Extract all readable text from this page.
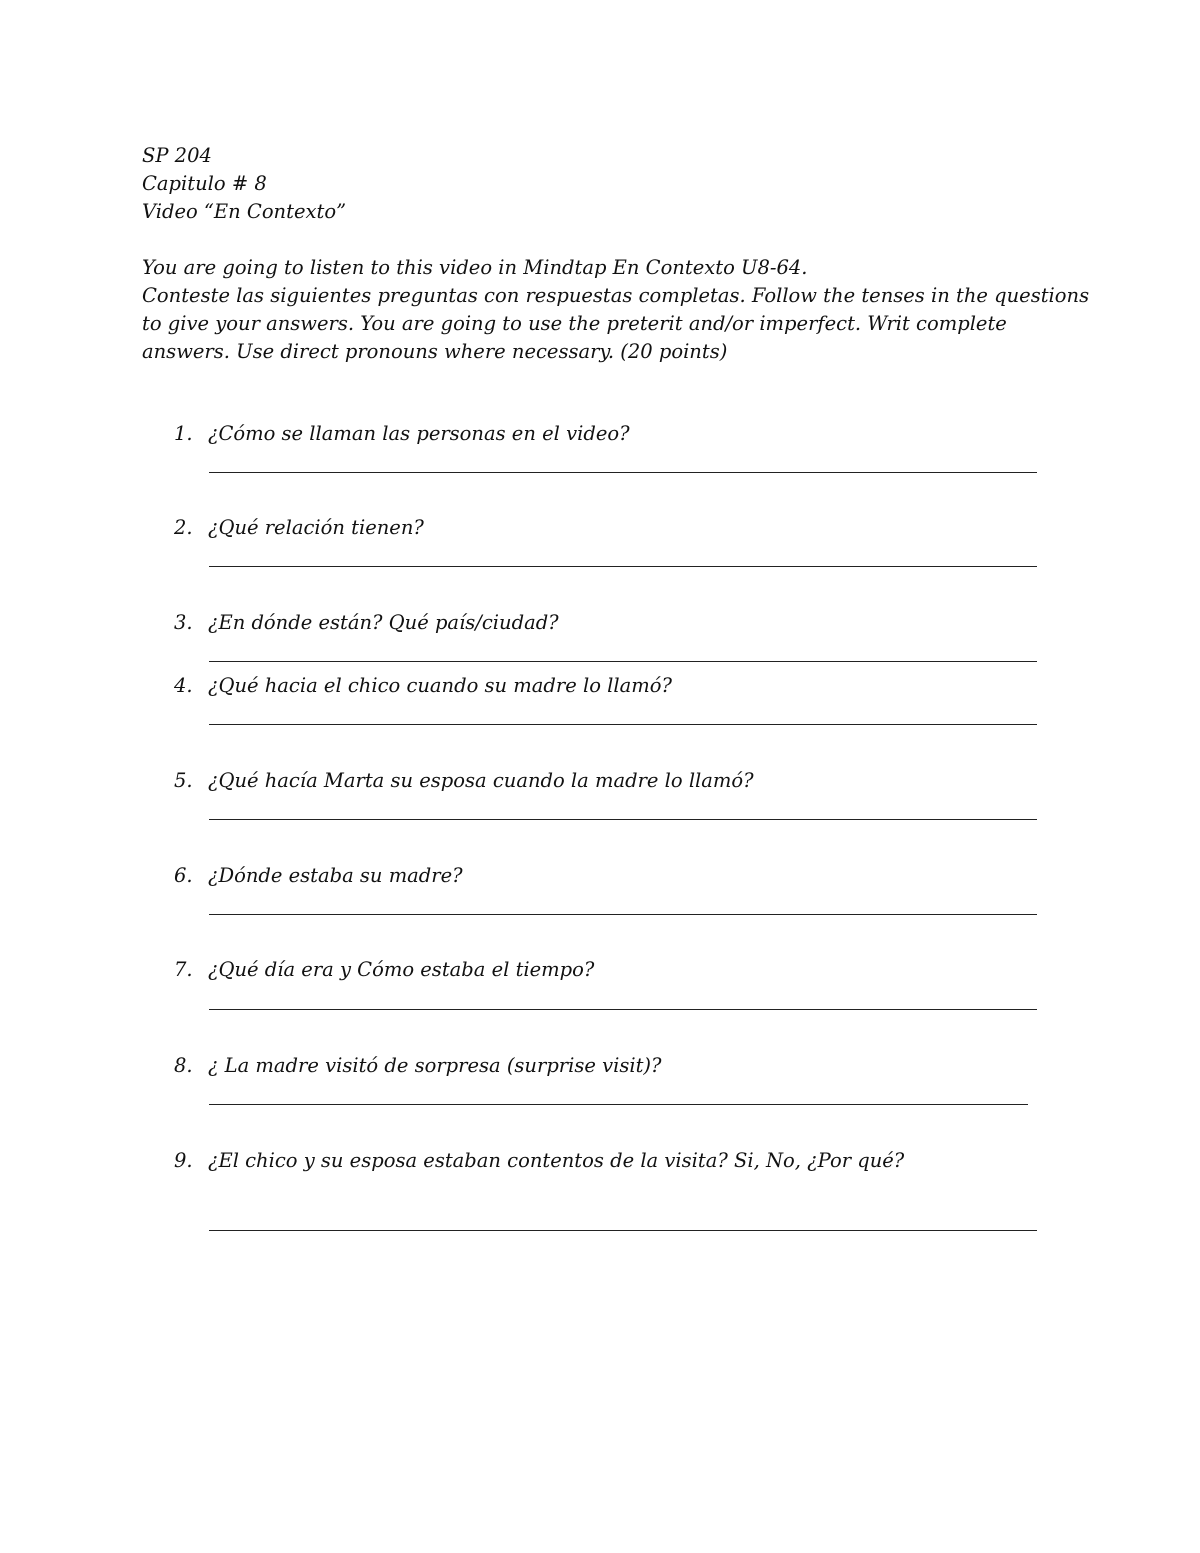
SP 204
Capitulo # 8
Video “En Contexto”
You are going to listen to this video in Mindtap En Contexto U8-64.
Conteste las siguientes preguntas con respuestas completas. Follow the tenses in the questions
to give your answers. You are going to use the preterit and/or imperfect. Writ complete
answers. Use direct pronouns where necessary. (20 points)
1. ¿Cómo se llaman las personas en el video?
2. ¿Qué relación tienen?
3. ¿En dónde están? Qué país/ciudad?
4. ¿Qué hacia el chico cuando su madre lo llamó?
5. ¿Qué hacía Marta su esposa cuando la madre lo llamó?
6. ¿Dónde estaba su madre?
7. ¿Qué día era y Cómo estaba el tiempo?
8. ¿ La madre visitó de sorpresa (surprise visit)?
9. ¿El chico y su esposa estaban contentos de la visita? Si, No, ¿Por qué?
